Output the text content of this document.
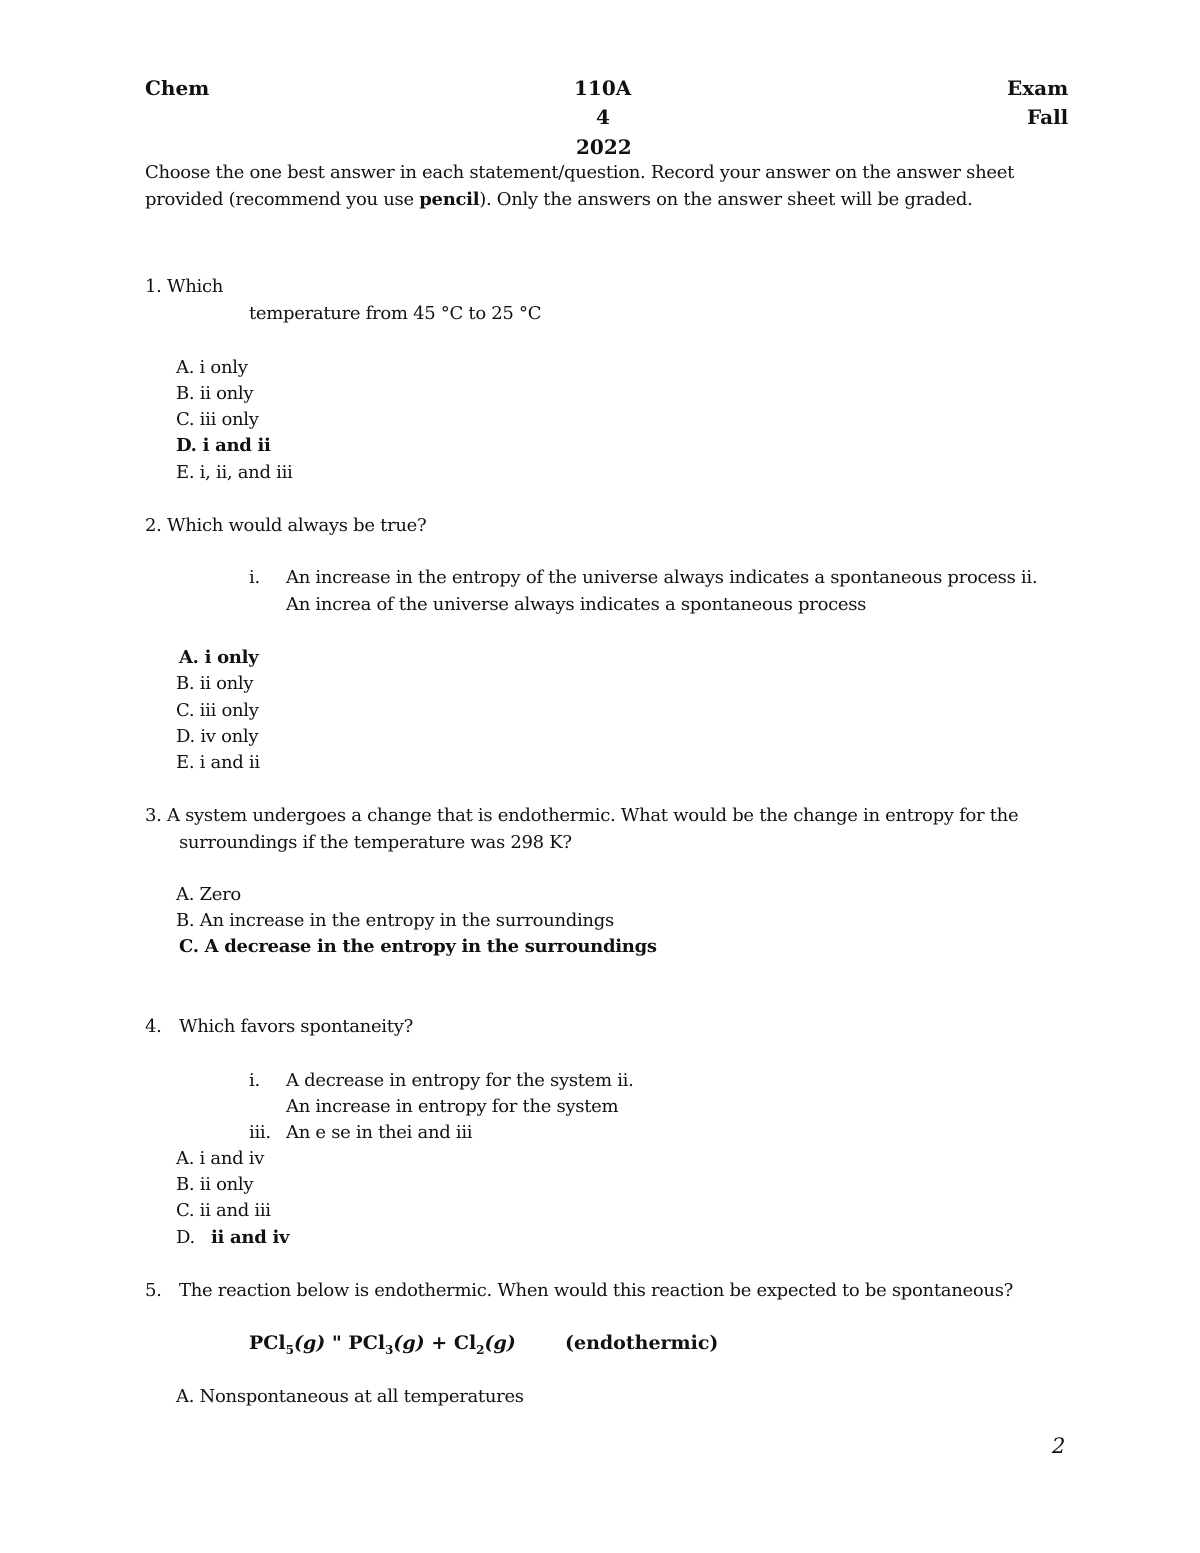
Chem	110A	Exam
4	Fall
2022
Choose the one best answer in each statement/question. Record your answer on the answer sheet
provided (recommend you use pencil). Only the answers on the answer sheet will be graded.
1. Which
temperature from 45 °C to 25 °C
A. i only
B. ii only
C. iii only
D. i and ii
E. i, ii, and iii
2. Which would always be true?
i. An increase in the entropy of the universe always indicates a spontaneous process ii.
An increa of the universe always indicates a spontaneous process
A. i only
B. ii only
C. iii only
D. iv only
E. i and ii
3. A system undergoes a change that is endothermic. What would be the change in entropy for the
surroundings if the temperature was 298 K?
A. Zero
B. An increase in the entropy in the surroundings
C. A decrease in the entropy in the surroundings
4. Which favors spontaneity?
i. A decrease in entropy for the system ii.
An increase in entropy for the system
iii. An e se in thei and iii
A. i and iv
B. ii only
C. ii and iii
D. ii and iv
5. The reaction below is endothermic. When would this reaction be expected to be spontaneous?
PCl$_5$(g) " $PCl_3(g) + Cl_2(g)$	(endothermic)
A. Nonspontaneous at all temperatures
2
